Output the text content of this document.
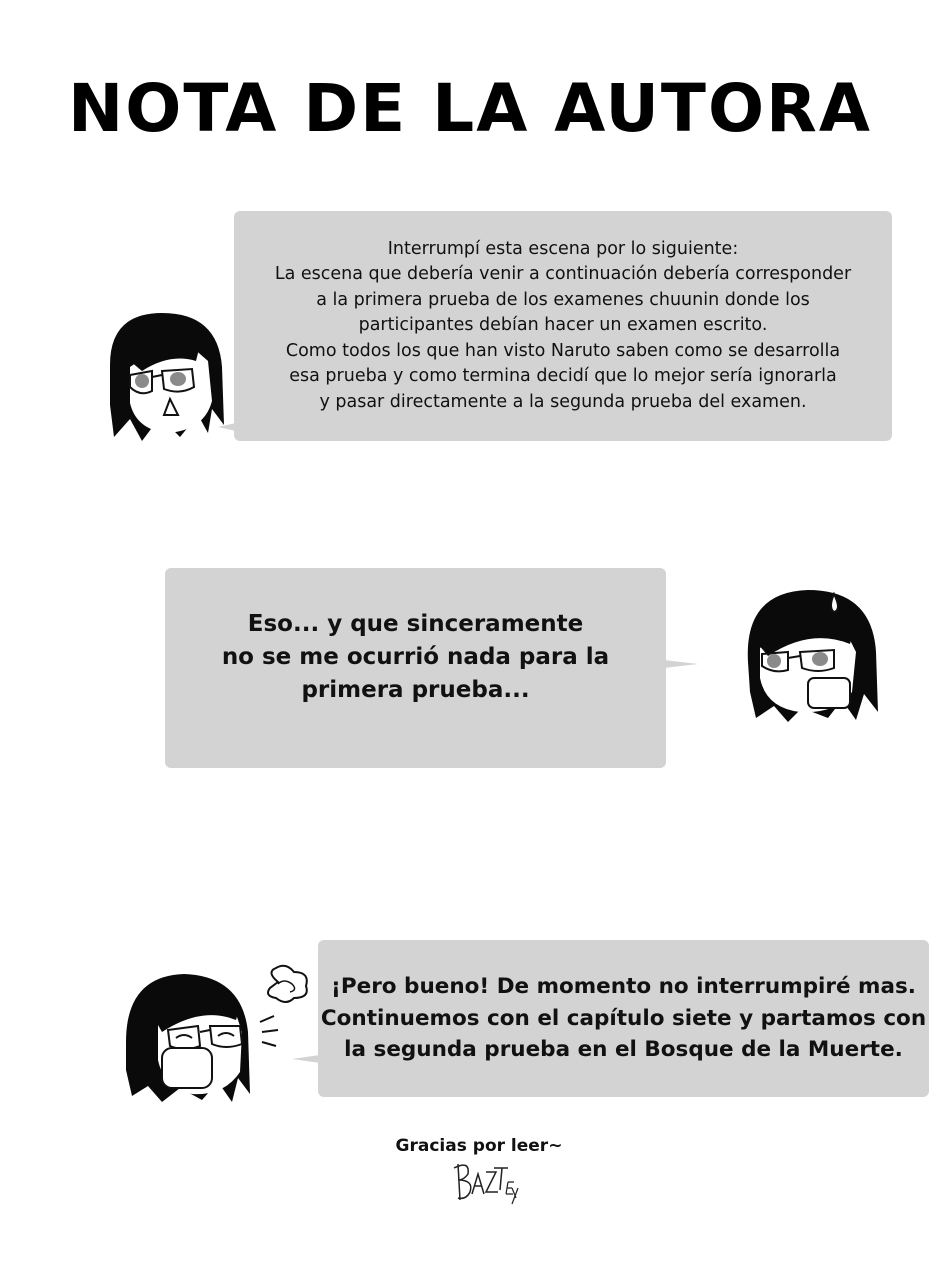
NOTA DE LA AUTORA
Interrumpí esta escena por lo siguiente:
La escena que debería venir a continuación debería corresponder
a la primera prueba de los examenes chuunin donde los
participantes debían hacer un examen escrito.
Como todos los que han visto Naruto saben como se desarrolla
esa prueba y como termina decidí que lo mejor sería ignorarla
y pasar directamente a la segunda prueba del examen.
Eso... y que sinceramente
no se me ocurrió nada para la
primera prueba...
¡Pero bueno! De momento no interrumpiré mas.
Continuemos con el capítulo siete y partamos con
la segunda prueba en el Bosque de la Muerte.
Gracias por leer~
